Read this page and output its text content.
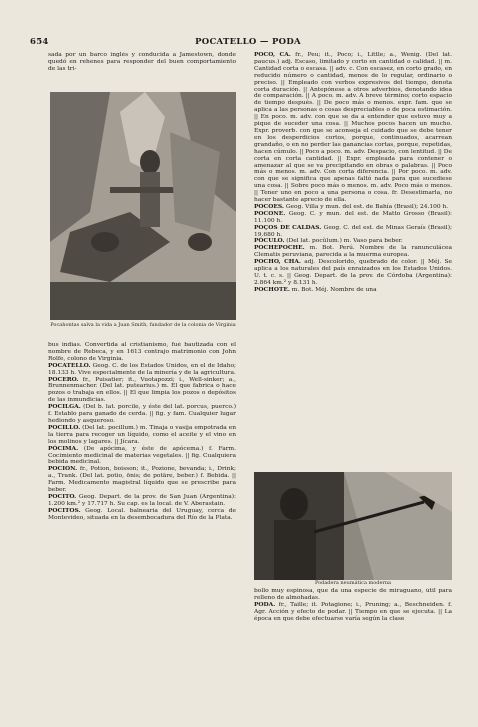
654	POCATELLO — PODA

sada por un barco inglés y conducida a Jamestown, donde quedó en rehenes para responder del buen comportamiento de las tri-

Pocahontas salva la vida a Juan Smith, fundador de la colonia de Virginia

bus indias. Convertida al cristianismo, fué bautizada con el nombre de Rebeca, y en 1613 contrajo matrimonio con John Rolfe, colono de Virginia.

POCATELLO. Geog. C. de los Estados Unidos, en el de Idaho; 18.133 h. Vive especialmente de la minería y de la agricultura.

POCERO. fr., Puisatier; it., Vuotapozzi; i., Well-sinker; a., Brunnenmacher. (Del lat. putearius.) m. El que fabrica o hace pozos o trabaja en ellos. || El que limpia los pozos o depósitos de las inmundicias.

POCILGA. (Del b. lat. porcile, y éste del lat. porcus, puerco.) f. Establo para ganado de cerda. || fig. y fam. Cualquier lugar hediondo y asqueroso.

POCILLO. (Del lat. pocillum.) m. Tinaja o vasija empotrada en la tierra para recoger un líquido, como el aceite y el vino en los molinos y lagares. || Jícara.

PÓCIMA. (De apócima, y éste de apócema.) f. Farm. Cocimiento medicinal de materias vegetales. || fig. Cualquiera bebida medicinal.

POCION. fr., Potion, boisson; it., Pozione, bevanda; i., Drink; a., Trank. (Del lat. potio, ōnis; de potāre, beber.) f. Bebida. || Farm. Medicamento magistral líquido que se prescribe para beber.

POCITO. Geog. Depart. de la prov. de San Juan (Argentina): 1.200 km.² y 17.717 h. Su cap. es la local. de V. Aberastain.

POCITOS. Geog. Local. balnearia del Uruguay, cerca de Montevideo, situada en la desembocadura del Río de la Plata.

POCO, CA. fr., Peu; it., Poco; i., Little; a., Wenig. (Del lat. paucus.) adj. Escaso, limitado y corto en cantidad o calidad. || m. Cantidad corta o escasa. || adv. c. Con escasez, en corto grado, en reducido número o cantidad, menos de lo regular, ordinario o preciso. || Empleado con verbos expresivos del tiempo, denota corta duración. || Antepónese a otros adverbios, denotando idea de comparación. || A poco. m. adv. A breve término; corto espacio de tiempo después. || De poco más o menos. expr. fam. que se aplica a las personas o cosas despreciables o de poca estimación. || En poco. m. adv. con que se da a entender que estuvo muy a pique de suceder una cosa. || Muchos pocos hacen un mucho. Expr. proverb. con que se aconseja el cuidado que se debe tener en los desperdicios cortos, porque, continuados, acarrean grandaño, o en no perder las ganancias cortas, porque, repetidas, hacen cúmulo. || Poco a poco. m. adv. Despacio, con lentitud. || De corta en corta cantidad. || Expr. empleada para contener o amenazar al que se va precipitando en obras o palabras. || Poco más o menos. m. adv. Con corta diferencia. || Por poco. m. adv. con que se significa que apenas faltó nada para que sucediese una cosa. || Sobre poco más o menos. m. adv. Poco más o menos. || Tener uno en poco a una persona o cosa. fr. Desestimarla, no hacer bastante aprecio de ella.

POCOES. Geog. Villa y mun. del est. de Bahía (Brasil); 24.100 h.

POCONE. Geog. C. y mun. del est. de Matto Grosso (Brasil): 11.100 h.

POÇOS DE CALDAS. Geog. C. del est. de Minas Geraís (Brasil); 19.680 h.

PÓCULO. (Del lat. pocŭlum.) m. Vaso para beber.

POCHEPOCHE. m. Bot. Perú. Nombre de la ranunculácea Clematis peruviana, parecida a la muerma europea.

POCHO, CHA. adj. Descolorido, quebrado de color. || Méj. Se aplica a los naturales del país enraizados en los Estados Unidos. U. t. c. s. || Geog. Depart. de la prov. de Córdoba (Argentina): 2.864 km.² y 8.131 h.

POCHOTE. m. Bot. Méj. Nombre de una

Podadera neumática moderna

bollo muy espinosa, que da una especie de miraguano, útil para relleno de almohadas.

PODA. fr., Taille; it. Potagione; i., Pruning; a., Beschneiden. f. Agr. Acción y efecto de podar. || Tiempo en que se ejecuta. || La época en que debe efectuarse varía según la clase
